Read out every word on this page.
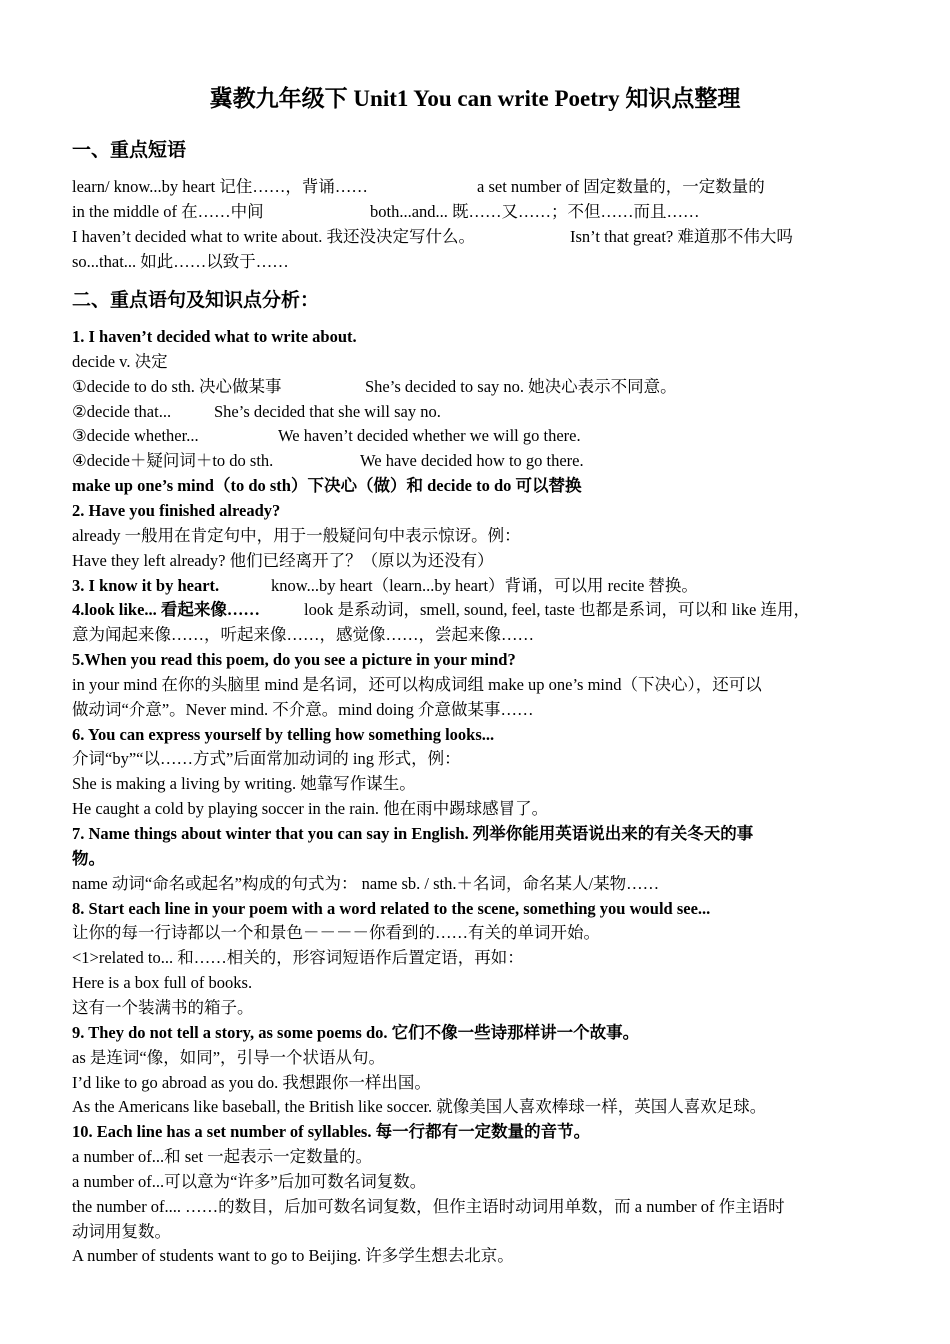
冀教九年级下 Unit1 You can write Poetry 知识点整理
一、重点短语
learn/ know...by heart 记住……，背诵……	a set number of 固定数量的，一定数量的
in the middle of 在……中间	both...and... 既……又……；不但……而且……
I haven’t decided what to write about. 我还没决定写什么。	Isn’t that great? 难道那不伟大吗
so...that... 如此……以致于……
二、重点语句及知识点分析：
1. I haven’t decided what to write about.
decide v. 决定
①decide to do sth. 决心做某事	She’s decided to say no. 她决心表示不同意。
②decide that...	She’s decided that she will say no.
③decide whether...	We haven’t decided whether we will go there.
④decide＋疑问词＋to do sth.	We have decided how to go there.
make up one’s mind（to do sth）下决心（做）和 decide to do 可以替换
2. Have you finished already?
already 一般用在肯定句中，用于一般疑问句中表示惊讶。例：
Have they left already? 他们已经离开了？（原以为还没有）
3. I know it by heart.	know...by heart（learn...by heart）背诵，可以用 recite 替换。
4.look like... 看起来像……	look 是系动词，smell, sound, feel, taste 也都是系词，可以和 like 连用，
意为闻起来像……，听起来像……，感觉像……，尝起来像……
5.When you read this poem, do you see a picture in your mind?
in your mind 在你的头脑里 mind 是名词，还可以构成词组 make up one’s mind（下决心），还可以
做动词“介意”。Never mind. 不介意。mind doing 介意做某事……
6. You can express yourself by telling how something looks...
介词“by”“以……方式”后面常加动词的 ing 形式，例：
She is making a living by writing. 她靠写作谋生。
He caught a cold by playing soccer in the rain. 他在雨中踢球感冒了。
7. Name things about winter that you can say in English. 列举你能用英语说出来的有关冬天的事
物。
name 动词“命名或起名”构成的句式为： name sb. / sth.＋名词，命名某人/某物……
8. Start each line in your poem with a word related to the scene, something you would see...
让你的每一行诗都以一个和景色－－－－你看到的……有关的单词开始。
<1>related to... 和……相关的，形容词短语作后置定语，再如：
Here is a box full of books.
这有一个装满书的箱子。
9. They do not tell a story, as some poems do. 它们不像一些诗那样讲一个故事。
as 是连词“像，如同”，引导一个状语从句。
I’d like to go abroad as you do. 我想跟你一样出国。
As the Americans like baseball, the British like soccer. 就像美国人喜欢棒球一样，英国人喜欢足球。
10. Each line has a set number of syllables. 每一行都有一定数量的音节。
a number of...和 set 一起表示一定数量的。
a number of...可以意为“许多”后加可数名词复数。
the number of.... ……的数目，后加可数名词复数，但作主语时动词用单数，而 a number of 作主语时
动词用复数。
A number of students want to go to Beijing. 许多学生想去北京。
